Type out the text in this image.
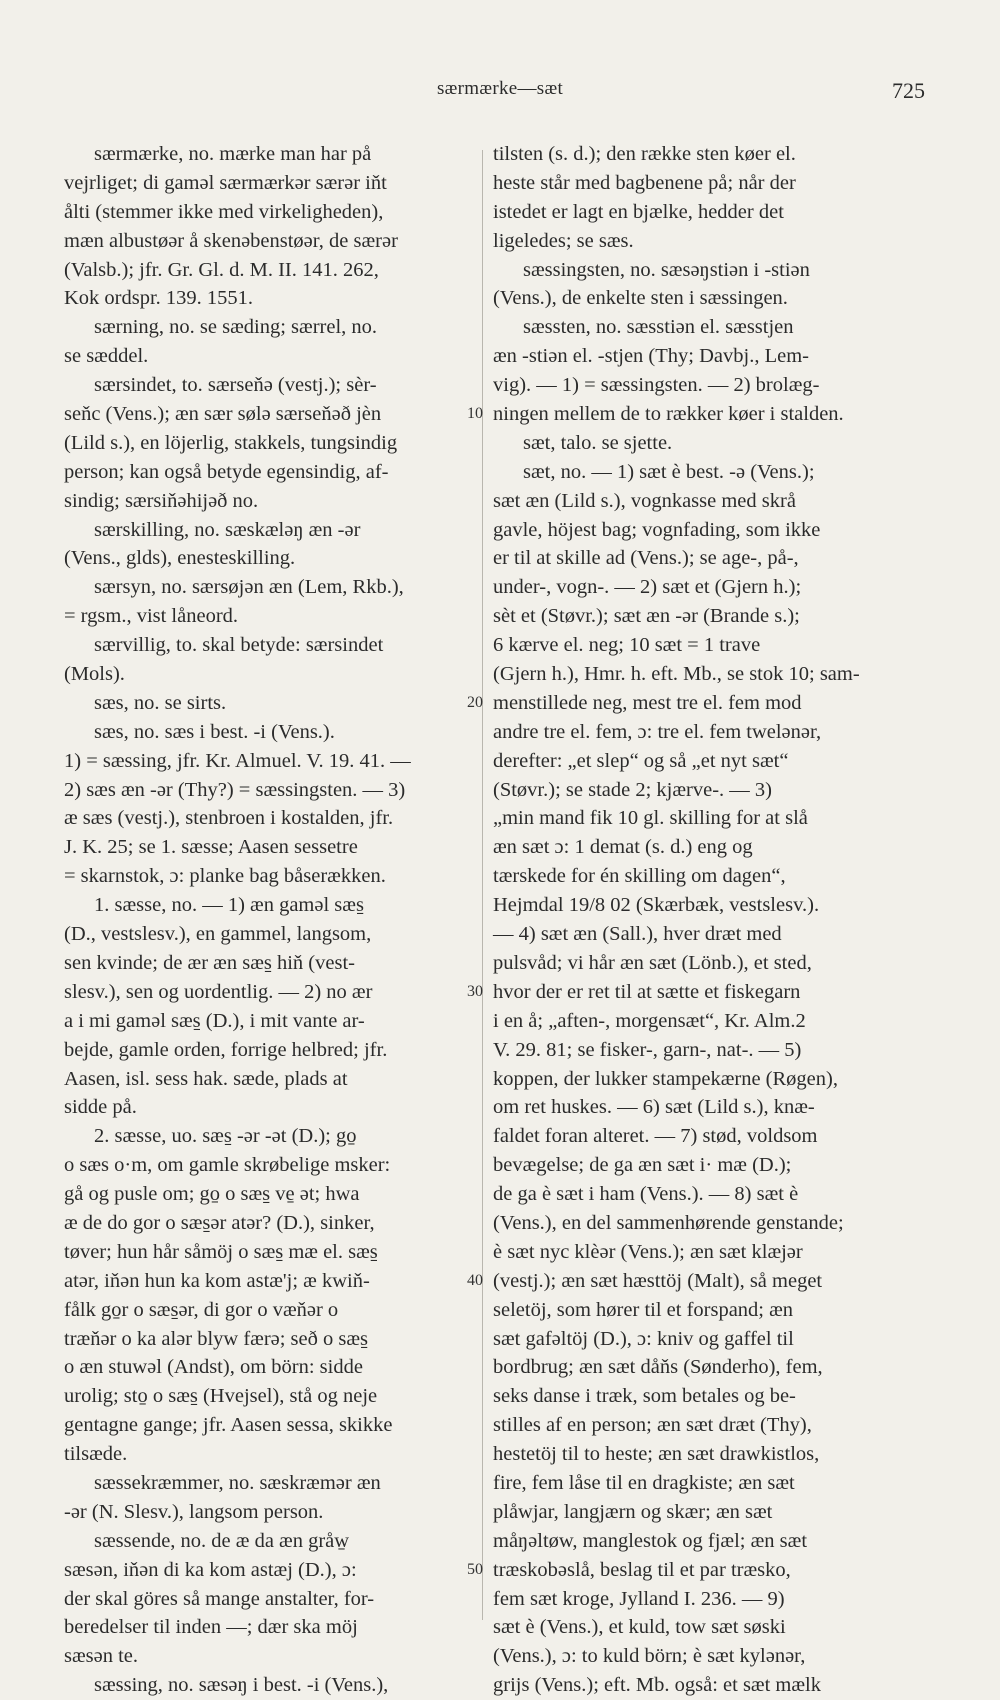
særmærke—sæt	725
særmærke, no. mærke man har på
vejrliget; di gaməl særmærkər særər iňt
ålti (stemmer ikke med virkeligheden),
mæn albustøər å skenəbenstøər, de særər
(Valsb.); jfr. Gr. Gl. d. M. II. 141. 262,
Kok ordspr. 139. 1551.
særning, no. se sæding; særrel, no.
se sæddel.
særsindet, to. særseňə (vestj.); sèr-
seňc (Vens.); æn sær sølə særseňəð jèn
(Lild s.), en löjerlig, stakkels, tungsindig
person; kan også betyde egensindig, af-
sindig; særsiňəhijəð no.
særskilling, no. sæskæləŋ æn -ər
(Vens., glds), enesteskilling.
særsyn, no. særsøjən æn (Lem, Rkb.),
= rgsm., vist låneord.
særvillig, to. skal betyde: særsindet
(Mols).
sæs, no. se sirts.
sæs, no. sæs i best. -i (Vens.).
1) = sæssing, jfr. Kr. Almuel. V. 19. 41. —
2) sæs æn -ər (Thy?) = sæssingsten. — 3)
æ sæs (vestj.), stenbroen i kostalden, jfr.
J. K. 25; se 1. sæsse; Aasen sessetre
= skarnstok, ɔ: planke bag båserækken.
1. sæsse, no. — 1) æn gaməl sæs̱
(D., vestslesv.), en gammel, langsom,
sen kvinde; de ær æn sæs̱ hiň (vest-
slesv.), sen og uordentlig. — 2) no ær
a i mi gaməl sæs̱ (D.), i mit vante ar-
bejde, gamle orden, forrige helbred; jfr.
Aasen, isl. sess hak. sæde, plads at
sidde på.
2. sæsse, uo. sæs̱ -ər -ət (D.); go̱
o sæs o·m, om gamle skrøbelige msker:
gå og pusle om; go̱ o sæs̱ ve̱ ət; hwa
æ de do gor o sæs̱ər atər? (D.), sinker,
tøver; hun hår såmöj o sæs̱ mæ el. sæs̱
atər, iňən hun ka kom astæ'j; æ kwiň-
fålk go̱r o sæs̱ər, di gor o væňər o
træňər o ka alər blyw færə; seð o sæs̱
o æn stuwəl (Andst), om börn: sidde
urolig; sto̱ o sæs̱ (Hvejsel), stå og neje
gentagne gange; jfr. Aasen sessa, skikke
tilsæde.
sæssekræmmer, no. sæskræmər æn
-ər (N. Slesv.), langsom person.
sæssende, no. de æ da æn gråw̱
sæsən, iňən di ka kom astæj (D.), ɔ:
der skal göres så mange anstalter, for-
beredelser til inden —; dær ska möj
sæsən te.
sæssing, no. sæsəŋ i best. -i (Vens.),
10
20
30
40
50
tilsten (s. d.); den række sten køer el.
heste står med bagbenene på; når der
istedet er lagt en bjælke, hedder det
ligeledes; se sæs.
sæssingsten, no. sæsəŋstiən i -stiən
(Vens.), de enkelte sten i sæssingen.
sæssten, no. sæsstiən el. sæsstjen
æn -stiən el. -stjen (Thy; Davbj., Lem-
vig). — 1) = sæssingsten. — 2) brolæg-
ningen mellem de to rækker køer i stalden.
sæt, talo. se sjette.
sæt, no. — 1) sæt è best. -ə (Vens.);
sæt æn (Lild s.), vognkasse med skrå
gavle, höjest bag; vognfading, som ikke
er til at skille ad (Vens.); se age-, på-,
under-, vogn-. — 2) sæt et (Gjern h.);
sèt et (Støvr.); sæt æn -ər (Brande s.);
6 kærve el. neg; 10 sæt = 1 trave
(Gjern h.), Hmr. h. eft. Mb., se stok 10; sam-
menstillede neg, mest tre el. fem mod
andre tre el. fem, ɔ: tre el. fem twelənər,
derefter: „et slep“ og så „et nyt sæt“
(Støvr.); se stade 2; kjærve-. — 3)
„min mand fik 10 gl. skilling for at slå
æn sæt ɔ: 1 demat (s. d.) eng og
tærskede for én skilling om dagen“,
Hejmdal 19/8 02 (Skærbæk, vestslesv.).
— 4) sæt æn (Sall.), hver dræt med
pulsvåd; vi hår æn sæt (Lönb.), et sted,
hvor der er ret til at sætte et fiskegarn
i en å; „aften-, morgensæt“, Kr. Alm.2
V. 29. 81; se fisker-, garn-, nat-. — 5)
koppen, der lukker stampekærne (Røgen),
om ret huskes. — 6) sæt (Lild s.), knæ-
faldet foran alteret. — 7) stød, voldsom
bevægelse; de ga æn sæt i· mæ (D.);
de ga è sæt i ham (Vens.). — 8) sæt è
(Vens.), en del sammenhørende genstande;
è sæt nyc klèər (Vens.); æn sæt klæjər
(vestj.); æn sæt hæsttöj (Malt), så meget
seletöj, som hører til et forspand; æn
sæt gafəltöj (D.), ɔ: kniv og gaffel til
bordbrug; æn sæt dåňs (Sønderho), fem,
seks danse i træk, som betales og be-
stilles af en person; æn sæt dræt (Thy),
hestetöj til to heste; æn sæt drawkistlos,
fire, fem låse til en dragkiste; æn sæt
plåwjar, langjærn og skær; æn sæt
måŋəltøw, manglestok og fjæl; æn sæt
træskobəslå, beslag til et par træsko,
fem sæt kroge, Jylland I. 236. — 9)
sæt è (Vens.), et kuld, tow sæt søski
(Vens.), ɔ: to kuld börn; è sæt kylənər,
grijs (Vens.); eft. Mb. også: et sæt mælk
